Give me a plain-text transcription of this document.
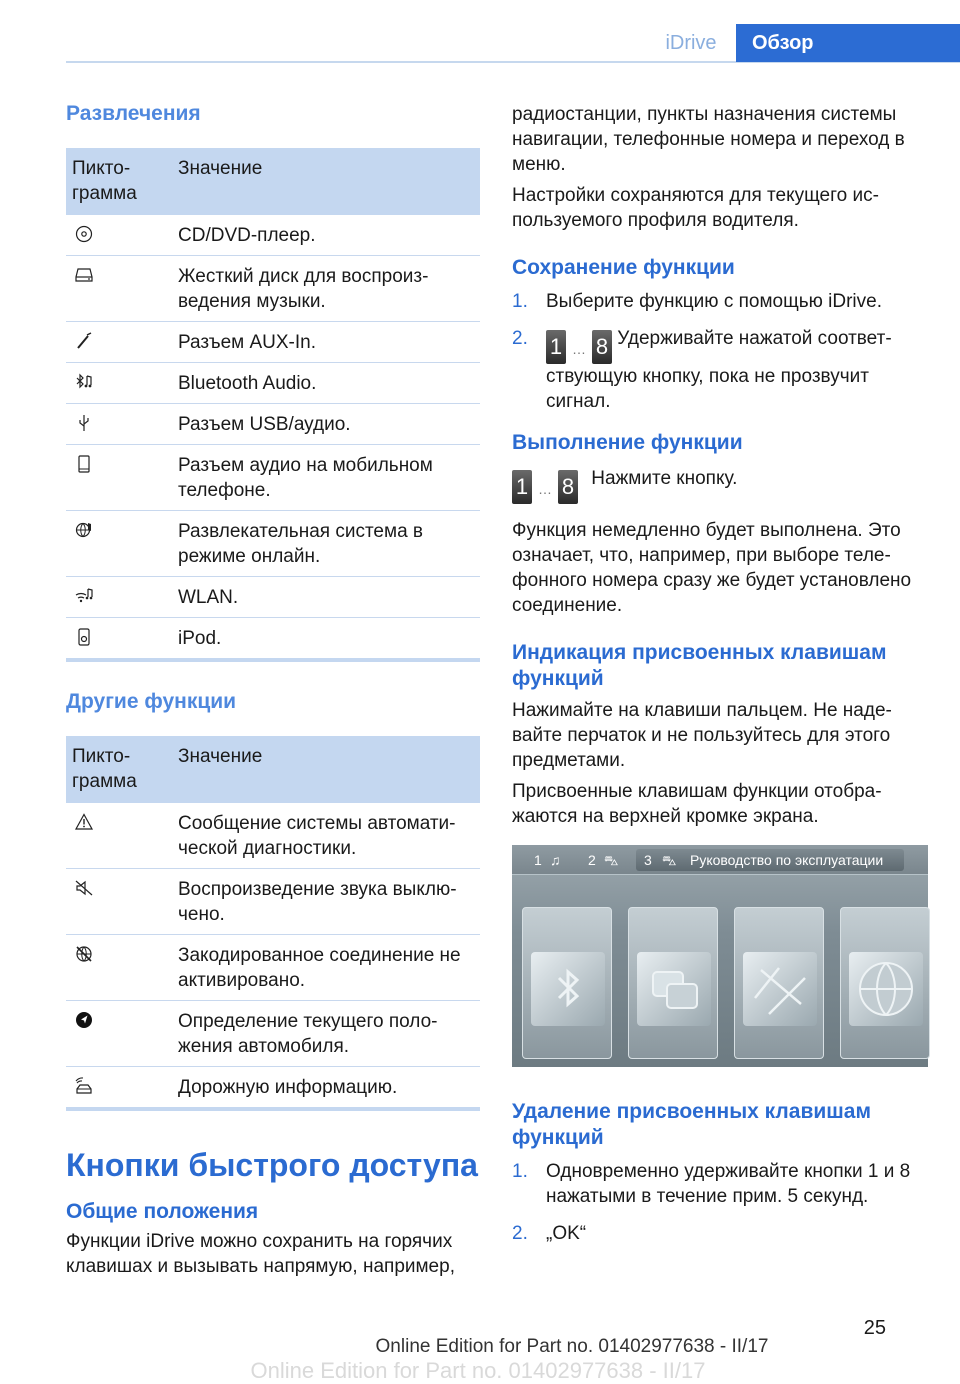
iDrive	Обзор
Развлечения
Пикто-грамма	Значение
		CD/DVD-плеер.
		Жесткий диск для воспроиз-ведения музыки.
		Разъем AUX-In.
		Bluetooth Audio.
		Разъем USB/аудио.
		Разъем аудио на мобильном телефоне.
		Развлекательная система в режиме онлайн.
		WLAN.
		iPod.
Другие функции
Пикто-грамма	Значение
		Сообщение системы автомати-ческой диагностики.
		Воспроизведение звука выклю-чено.
		Закодированное соединение не активировано.
		Определение текущего поло-жения автомобиля.
		Дорожную информацию.
Кнопки быстрого доступа
Общие положения

Функции iDrive можно сохранить на горячих клавишах и вызывать напрямую, например,

радиостанции, пункты назначения системы навигации, телефонные номера и переход в меню.

Настройки сохраняются для текущего ис-пользуемого профиля водителя.

Сохранение функции
1. Выберите функцию с помощью iDrive.
2. 1 … 8 Удерживайте нажатой соответ-ствующую кнопку, пока не прозвучит сигнал.
Выполнение функции
1 … 8 Нажмите кнопку.

Функция немедленно будет выполнена. Это означает, что, например, при выборе теле-фонного номера сразу же будет установлено соединение.

Индикация присвоенных клавишам функций

Нажимайте на клавиши пальцем. Не наде-вайте перчаток и не пользуйтесь для этого предметами.

Присвоенные клавишам функции отобра-жаются на верхней кромке экрана.

1 ♫ 2 ⛍ 3 ⛍ Руководство по эксплуатации
Удаление присвоенных клавишам функций
1. Одновременно удерживайте кнопки 1 и 8 нажатыми в течение прим. 5 секунд.
2. „OK“
25
Online Edition for Part no. 01402977638 - II/17Online Edition for Part no. 01402977638 - II/17
